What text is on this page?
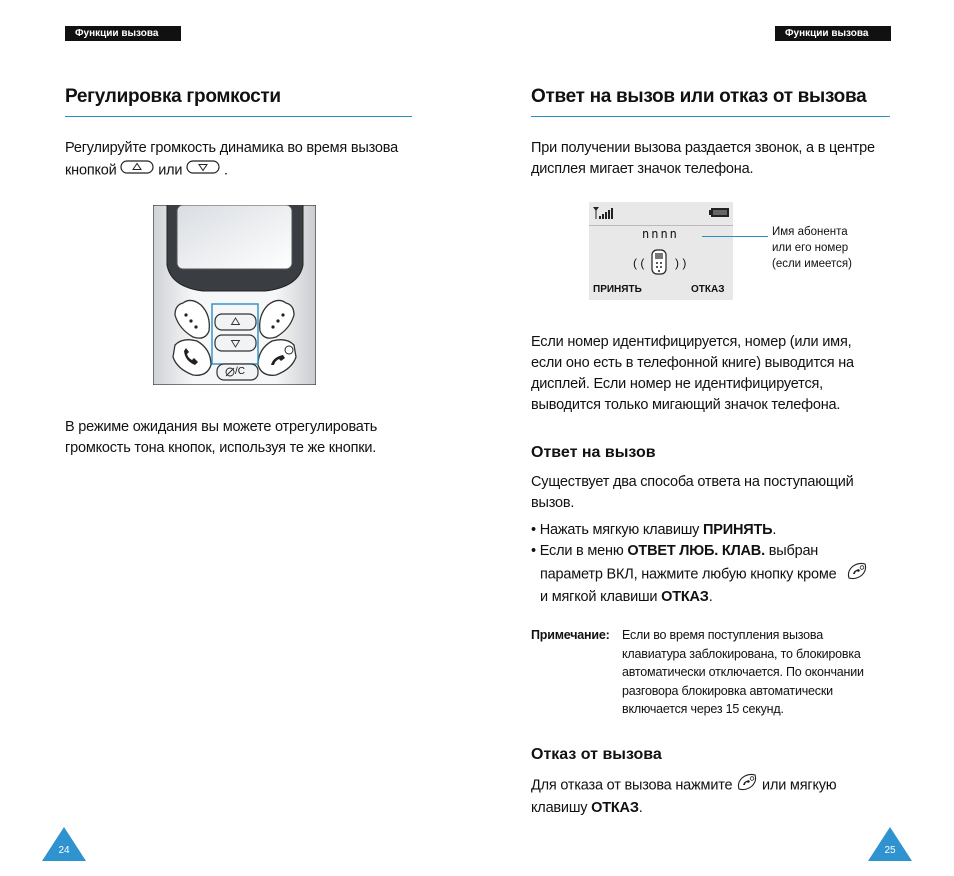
Функции вызова	Функции вызова
Регулировка громкости
Регулируйте громкость динамика во время вызова
кнопкой	или	.
/C
В режиме ожидания вы можете отрегулировать
громкость тона кнопок, используя те же кнопки.
Ответ на вызов или отказ от вызова
При получении вызова раздается звонок, а в центре
дисплея мигает значок телефона.
nnnn
( (	) )
ПРИНЯТЬ	ОТКАЗ
Имя абонента
или его номер
(если имеется)
Если номер идентифицируется, номер (или имя,
если оно есть в телефонной книге) выводится на
дисплей. Если номер не идентифицируется,
выводится только мигающий значок телефона.
Ответ на вызов
Существует два способа ответа на поступающий
вызов.
• Нажать мягкую клавишу ПРИНЯТЬ.
• Если в меню ОТВЕТ ЛЮБ. КЛАВ. выбран
параметр ВКЛ, нажмите любую кнопку кроме
и мягкой клавиши ОТКАЗ.
Примечание: Если во время поступления вызова
клавиатура заблокирована, то блокировка
автоматически отключается. По окончании
разговора блокировка автоматически
включается через 15 секунд.
Отказ от вызова
Для отказа от вызова нажмите или мягкую
клавишу ОТКАЗ.
24	25
